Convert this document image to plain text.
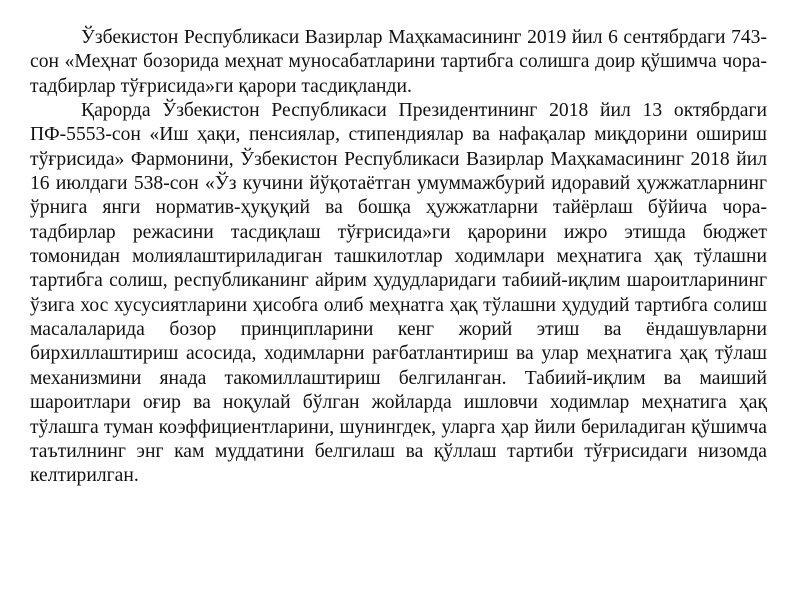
Ўзбекистон Республикаси Вазирлар Маҳкамасининг 2019 йил 6 сентябрдаги 743-сон «Меҳнат бозорида меҳнат муносабатларини тартибга солишга доир қўшимча чора-тадбирлар тўғрисида»ги қарори тасдиқланди.

Қарорда Ўзбекистон Республикаси Президентининг 2018 йил 13 октябрдаги ПФ-5553-сон «Иш ҳақи, пенсиялар, стипендиялар ва нафақалар миқдорини ошириш тўғрисида» Фармонини, Ўзбекистон Республикаси Вазирлар Маҳкамасининг 2018 йил 16 июлдаги 538-сон «Ўз кучини йўқотаётган умуммажбурий идоравий ҳужжатларнинг ўрнига янги норматив-ҳуқуқий ва бошқа ҳужжатларни тайёрлаш бўйича чора-тадбирлар режасини тасдиқлаш тўғрисида»ги қарорини ижро этишда бюджет томонидан молиялаштириладиган ташкилотлар ходимлари меҳнатига ҳақ тўлашни тартибга солиш, республиканинг айрим ҳудудларидаги табиий-иқлим шароитларининг ўзига хос хусусиятларини ҳисобга олиб меҳнатга ҳақ тўлашни ҳудудий тартибга солиш масалаларида бозор принципларини кенг жорий этиш ва ёндашувларни бирхиллаштириш асосида, ходимларни рағбатлантириш ва улар меҳнатига ҳақ тўлаш механизмини янада такомиллаштириш белгиланган. Табиий-иқлим ва маиший шароитлари оғир ва ноқулай бўлган жойларда ишловчи ходимлар меҳнатига ҳақ тўлашга туман коэффициентларини, шунингдек, уларга ҳар йили бериладиган қўшимча таътилнинг энг кам муддатини белгилаш ва қўллаш тартиби тўғрисидаги низомда келтирилган.
